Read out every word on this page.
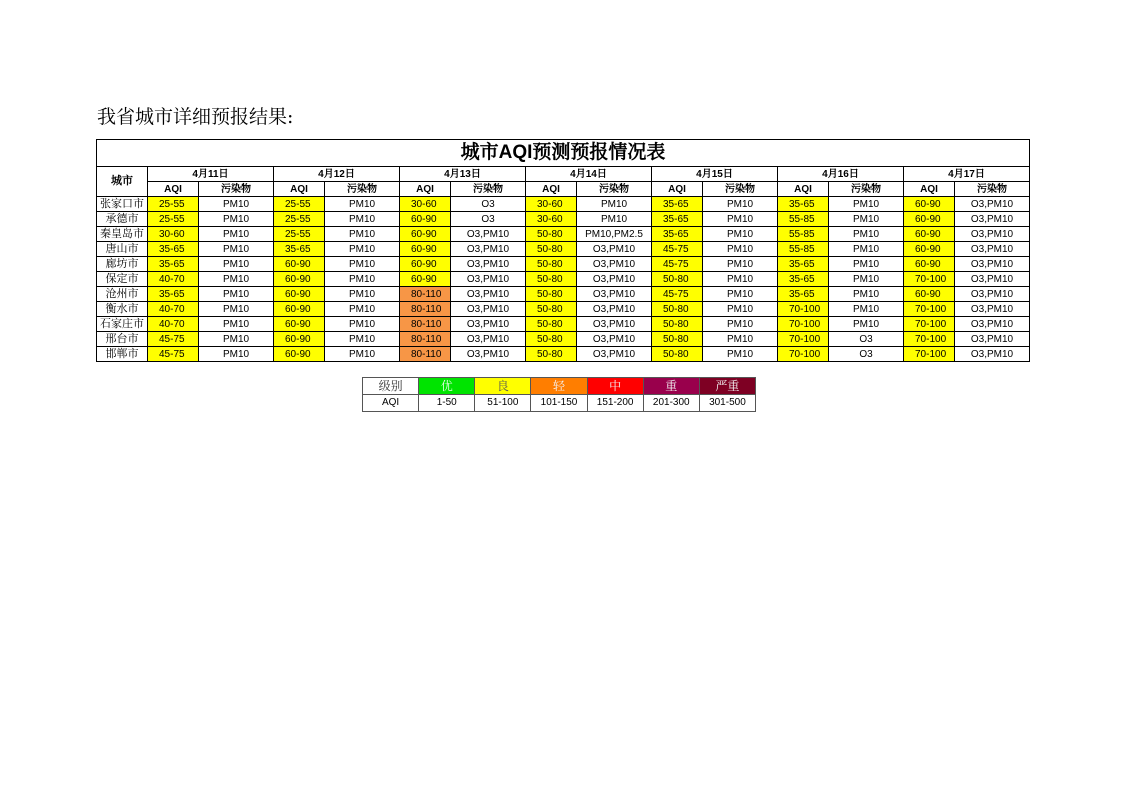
我省城市详细预报结果:
城市AQI预测预报情况表														
城市	4月11日		4月12日		4月13日		4月14日		4月15日		4月16日		4月17日	
	AQI	污染物	AQI	污染物	AQI	污染物	AQI	污染物	AQI	污染物	AQI	污染物	AQI	污染物
张家口市	25-55	PM10	25-55	PM10	30-60	O3	30-60	PM10	35-65	PM10	35-65	PM10	60-90	O3,PM10
承德市	25-55	PM10	25-55	PM10	60-90	O3	30-60	PM10	35-65	PM10	55-85	PM10	60-90	O3,PM10
秦皇岛市	30-60	PM10	25-55	PM10	60-90	O3,PM10	50-80	PM10,PM2.5	35-65	PM10	55-85	PM10	60-90	O3,PM10
唐山市	35-65	PM10	35-65	PM10	60-90	O3,PM10	50-80	O3,PM10	45-75	PM10	55-85	PM10	60-90	O3,PM10
廊坊市	35-65	PM10	60-90	PM10	60-90	O3,PM10	50-80	O3,PM10	45-75	PM10	35-65	PM10	60-90	O3,PM10
保定市	40-70	PM10	60-90	PM10	60-90	O3,PM10	50-80	O3,PM10	50-80	PM10	35-65	PM10	70-100	O3,PM10
沧州市	35-65	PM10	60-90	PM10	80-110	O3,PM10	50-80	O3,PM10	45-75	PM10	35-65	PM10	60-90	O3,PM10
衡水市	40-70	PM10	60-90	PM10	80-110	O3,PM10	50-80	O3,PM10	50-80	PM10	70-100	PM10	70-100	O3,PM10
石家庄市	40-70	PM10	60-90	PM10	80-110	O3,PM10	50-80	O3,PM10	50-80	PM10	70-100	PM10	70-100	O3,PM10
邢台市	45-75	PM10	60-90	PM10	80-110	O3,PM10	50-80	O3,PM10	50-80	PM10	70-100	O3	70-100	O3,PM10
邯郸市	45-75	PM10	60-90	PM10	80-110	O3,PM10	50-80	O3,PM10	50-80	PM10	70-100	O3	70-100	O3,PM10
级别	优	良	轻	中	重	严重
AQI	1-50	51-100	101-150	151-200	201-300	301-500
